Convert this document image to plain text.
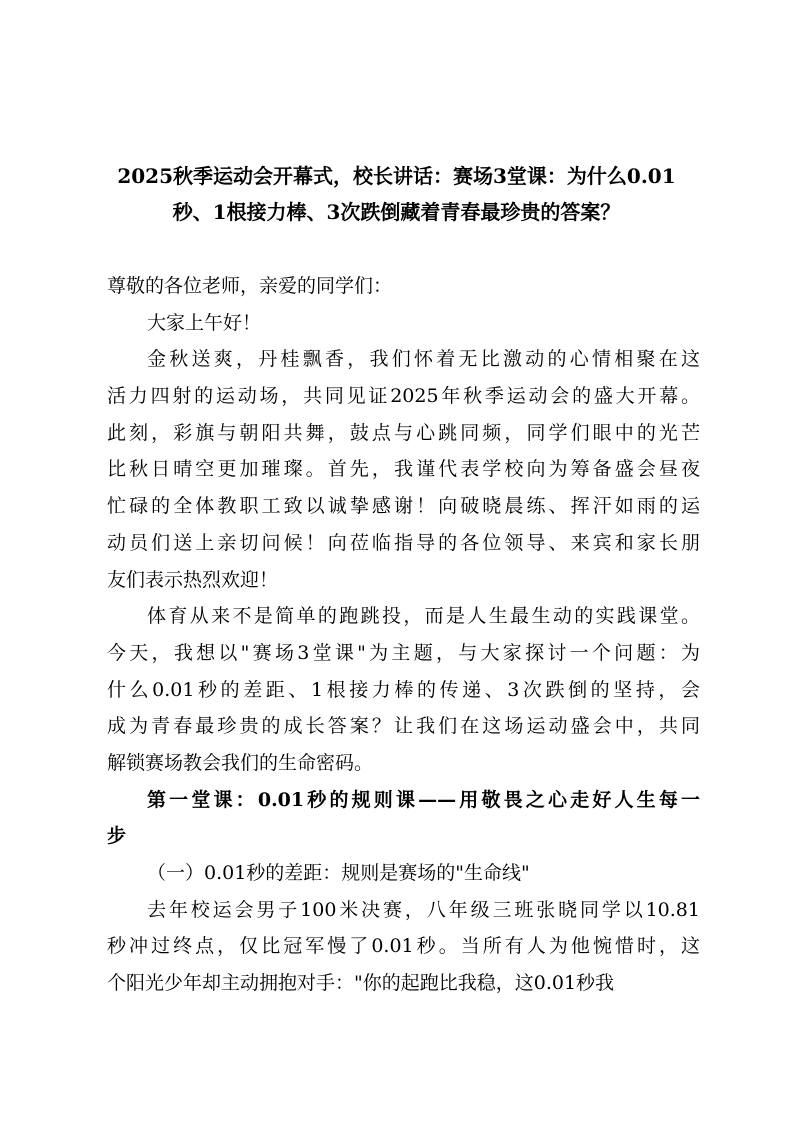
2025秋季运动会开幕式，校长讲话：赛场3堂课：为什么0.01
秒、1根接力棒、3次跌倒藏着青春最珍贵的答案？
尊敬的各位老师，亲爱的同学们：
大家上午好！
金秋送爽，丹桂飘香，我们怀着无比激动的心情相聚在这
活力四射的运动场，共同见证2025年秋季运动会的盛大开幕。
此刻，彩旗与朝阳共舞，鼓点与心跳同频，同学们眼中的光芒
比秋日晴空更加璀璨。首先，我谨代表学校向为筹备盛会昼夜
忙碌的全体教职工致以诚挚感谢！向破晓晨练、挥汗如雨的运
动员们送上亲切问候！向莅临指导的各位领导、来宾和家长朋
友们表示热烈欢迎！
体育从来不是简单的跑跳投，而是人生最生动的实践课堂。
今天，我想以"赛场3堂课"为主题，与大家探讨一个问题：为
什么0.01秒的差距、1根接力棒的传递、3次跌倒的坚持，会
成为青春最珍贵的成长答案？让我们在这场运动盛会中，共同
解锁赛场教会我们的生命密码。
第一堂课：0.01秒的规则课——用敬畏之心走好人生每一
步
（一）0.01秒的差距：规则是赛场的"生命线"
去年校运会男子100米决赛，八年级三班张晓同学以10.81
秒冲过终点，仅比冠军慢了0.01秒。当所有人为他惋惜时，这
个阳光少年却主动拥抱对手："你的起跑比我稳，这0.01秒我
